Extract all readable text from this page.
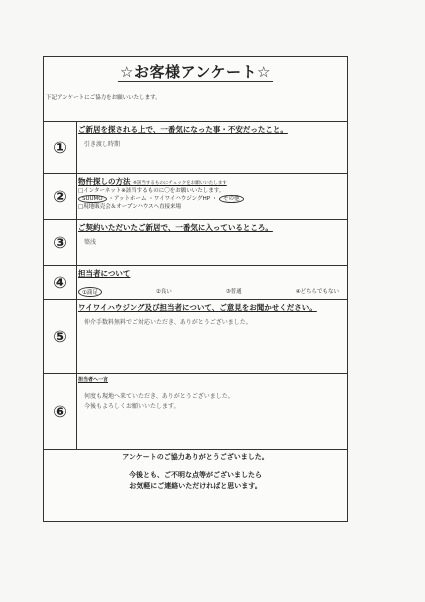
☆お客様アンケート☆
下記アンケートにご協力をお願いいたします。
①
ご新居を探される上で、一番気になった事・不安だったこと。
引き渡し時期
②
物件探しの方法 ※該当するものにチェックをお願いいたします
□インターネット※該当するものに〇をお願いいたします。
SUUMO ・アットホーム ・ワイワイハウジングHP ・ その他
□現地販売会＆オープンハウスへ直接来場
③
ご契約いただいたご新居で、一番気に入っているところ。
築浅
④	担当者について
①満足	②良い	③普通	④どちらでもない
⑤
ワイワイハウジング及び担当者について、ご意見をお聞かせください。
仲介手数料無料でご対応いただき、ありがとうございました。
⑥
担当者へ一言
何度も現地へ来ていただき、ありがとうございました。
今後もよろしくお願いいたします。
アンケートのご協力ありがとうございました。
今後とも、ご不明な点等がございましたら
お気軽にご連絡いただければと思います。
